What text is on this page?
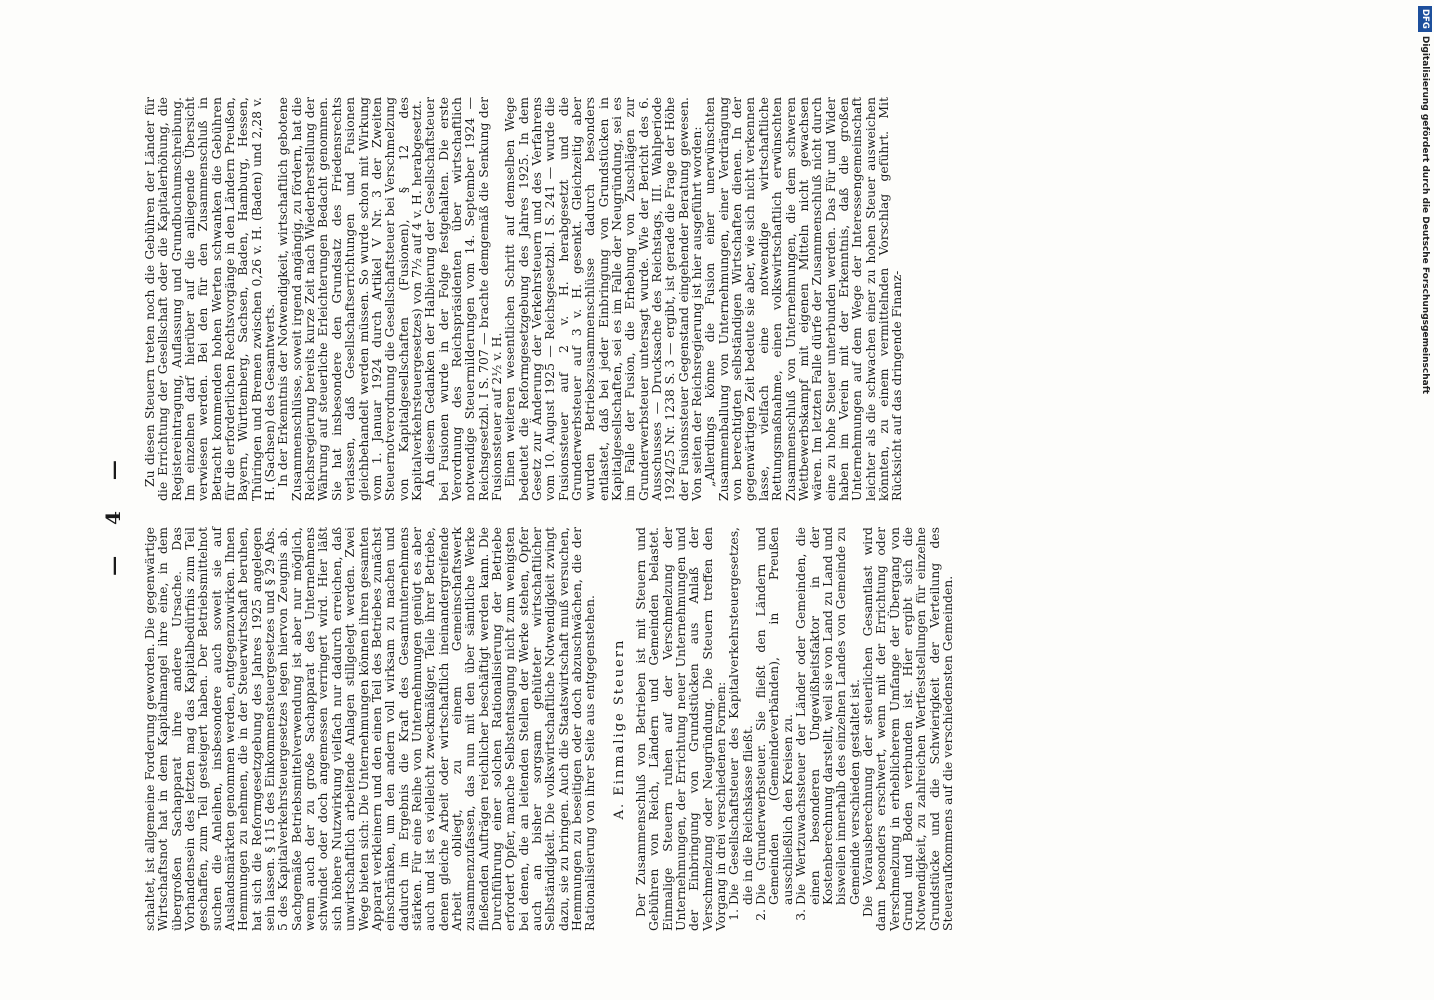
— 4 —

schaltet, ist allgemeine Forderung geworden. Die gegenwärtige Wirtschaftsnot hat in dem Kapitalmangel ihre eine, in dem übergroßen Sachapparat ihre andere Ursache. Das Vorhandensein des letzten mag das Kapitalbedürfnis zum Teil geschaffen, zum Teil gesteigert haben. Der Betriebsmittelnot suchen die Anleihen, insbesondere auch soweit sie auf Auslandsmärkten genommen werden, entgegenzuwirken. Ihnen Hemmungen zu nehmen, die in der Steuerwirtschaft beruhen, hat sich die Reformgesetzgebung des Jahres 1925 angelegen sein lassen. § 115 des Einkommensteuergesetzes und § 29 Abs. 5 des Kapitalverkehrsteuergesetzes legen hiervon Zeugnis ab. Sachgemäße Betriebsmittelverwendung ist aber nur möglich, wenn auch der zu große Sachapparat des Unternehmens schwindet oder doch angemessen verringert wird. Hier läßt sich höhere Nutzwirkung vielfach nur dadurch erreichen, daß unwirtschaftlich arbeitende Anlagen stillgelegt werden. Zwei Wege bieten sich: Die Unternehmungen können ihren gesamten Apparat verkleinern und den einen Teil des Betriebes zunächst einschränken, um den andern voll wirksam zu machen und dadurch im Ergebnis die Kraft des Gesamtunternehmens stärken. Für eine Reihe von Unternehmungen genügt es aber auch und ist es vielleicht zweckmäßiger, Teile ihrer Betriebe, denen gleiche Arbeit oder wirtschaftlich ineinandergreifende Arbeit obliegt, zu einem Gemeinschaftswerk zusammenzufassen, das nun mit den über sämtliche Werke fließenden Aufträgen reichlicher beschäftigt werden kann. Die Durchführung einer solchen Rationalisierung der Betriebe erfordert Opfer, manche Selbstentsagung nicht zum wenigsten bei denen, die an leitenden Stellen der Werke stehen, Opfer auch an bisher sorgsam gehüteter wirtschaftlicher Selbständigkeit. Die volkswirtschaftliche Notwendigkeit zwingt dazu, sie zu bringen. Auch die Staatswirtschaft muß versuchen, Hemmungen zu beseitigen oder doch abzuschwächen, die der Rationalisierung von ihrer Seite aus entgegenstehen. A. Einmalige Steuern Der Zusammenschluß von Betrieben ist mit Steuern und Gebühren von Reich, Ländern und Gemeinden belastet. Einmalige Steuern ruhen auf der Verschmelzung der Unternehmungen, der Errichtung neuer Unternehmungen und der Einbringung von Grundstücken aus Anlaß der Verschmelzung oder Neugründung. Die Steuern treffen den Vorgang in drei verschiedenen Formen:

1. Die Gesellschaftsteuer des Kapitalverkehrsteuergesetzes, die in die Reichskasse fließt.
2. Die Grunderwerbsteuer. Sie fließt den Ländern und Gemeinden (Gemeindeverbänden), in Preußen ausschließlich den Kreisen zu.
3. Die Wertzuwachssteuer der Länder oder Gemeinden, die einen besonderen Ungewißheitsfaktor in der Kostenberechnung darstellt, weil sie von Land zu Land und bisweilen innerhalb des einzelnen Landes von Gemeinde zu Gemeinde verschieden gestaltet ist.

Die Vorausberechnung der steuerlichen Gesamtlast wird dann besonders erschwert, wenn mit der Errichtung oder Verschmelzung in erheblicherem Umfange der Übergang von Grund und Boden verbunden ist. Hier ergibt sich die Notwendigkeit, zu zahlreichen Wertfeststellungen für einzelne Grundstücke und die Schwierigkeit der Verteilung des Steueraufkommens auf die verschiedensten Gemeinden.

Zu diesen Steuern treten noch die Gebühren der Länder für die Errichtung der Gesellschaft oder die Kapitalerhöhung, die Registereintragung, Auflassung und Grundbuchumschreibung. Im einzelnen darf hierüber auf die anliegende Übersicht verwiesen werden. Bei den für den Zusammenschluß in Betracht kommenden hohen Werten schwanken die Gebühren für die erforderlichen Rechtsvorgänge in den Ländern Preußen, Bayern, Württemberg, Sachsen, Baden, Hamburg, Hessen, Thüringen und Bremen zwischen 0,26 v. H. (Baden) und 2,28 v. H. (Sachsen) des Gesamtwerts.

In der Erkenntnis der Notwendigkeit, wirtschaftlich gebotene Zusammenschlüsse, soweit irgend angängig, zu fördern, hat die Reichsregierung bereits kurze Zeit nach Wiederherstellung der Währung auf steuerliche Erleichterungen Bedacht genommen. Sie hat insbesondere den Grundsatz des Friedensrechts verlassen, daß Gesellschaftserrichtungen und Fusionen gleichbehandelt werden müssen. So wurde schon mit Wirkung vom 1. Januar 1924 durch Artikel V Nr. 3 der Zweiten Steuernotverordnung die Gesellschaftsteuer bei Verschmelzung von Kapitalgesellschaften (Fusionen), § 12 des Kapitalverkehrsteuergesetzes) von 7½ auf 4 v. H. herabgesetzt.

An diesem Gedanken der Halbierung der Gesellschaftsteuer bei Fusionen wurde in der Folge festgehalten. Die erste Verordnung des Reichspräsidenten über wirtschaftlich notwendige Steuermilderungen vom 14. September 1924 — Reichsgesetzbl. I S. 707 — brachte demgemäß die Senkung der Fusionssteuer auf 2½ v. H.

Einen weiteren wesentlichen Schritt auf demselben Wege bedeutet die Reformgesetzgebung des Jahres 1925. In dem Gesetz zur Änderung der Verkehrsteuern und des Verfahrens vom 10. August 1925 — Reichsgesetzbl. I S. 241 — wurde die Fusionssteuer auf 2 v. H. herabgesetzt und die Grunderwerbsteuer auf 3 v. H. gesenkt. Gleichzeitig aber wurden Betriebszusammenschlüsse dadurch besonders entlastet, daß bei jeder Einbringung von Grundstücken in Kapitalgesellschaften, sei es im Falle der Neugründung, sei es im Falle der Fusion, die Erhebung von Zuschlägen zur Grunderwerbsteuer untersagt wurde. Wie der Bericht des 6. Ausschusses — Drucksache des Reichstags, III. Wahlperiode 1924/25 Nr. 1238 S. 3 — ergibt, ist gerade die Frage der Höhe der Fusionssteuer Gegenstand eingehender Beratung gewesen. Von seiten der Reichsregierung ist hier ausgeführt worden:

„Allerdings könne die Fusion einer unerwünschten Zusammenballung von Unternehmungen, einer Verdrängung von berechtigten selbständigen Wirtschaften dienen. In der gegenwärtigen Zeit bedeute sie aber, wie sich nicht verkennen lasse, vielfach eine notwendige wirtschaftliche Rettungsmaßnahme, einen volkswirtschaftlich erwünschten Zusammenschluß von Unternehmungen, die dem schweren Wettbewerbskampf mit eigenen Mitteln nicht gewachsen wären. Im letzten Falle dürfe der Zusammenschluß nicht durch eine zu hohe Steuer unterbunden werden. Das Für und Wider haben im Verein mit der Erkenntnis, daß die großen Unternehmungen auf dem Wege der Interessengemeinschaft leichter als die schwachen einer zu hohen Steuer ausweichen könnten, zu einem vermittelnden Vorschlag geführt. Mit Rücksicht auf das dringende Finanz-

DFGDigitalisierung gefördert durch die Deutsche Forschungsgemeinschaft
